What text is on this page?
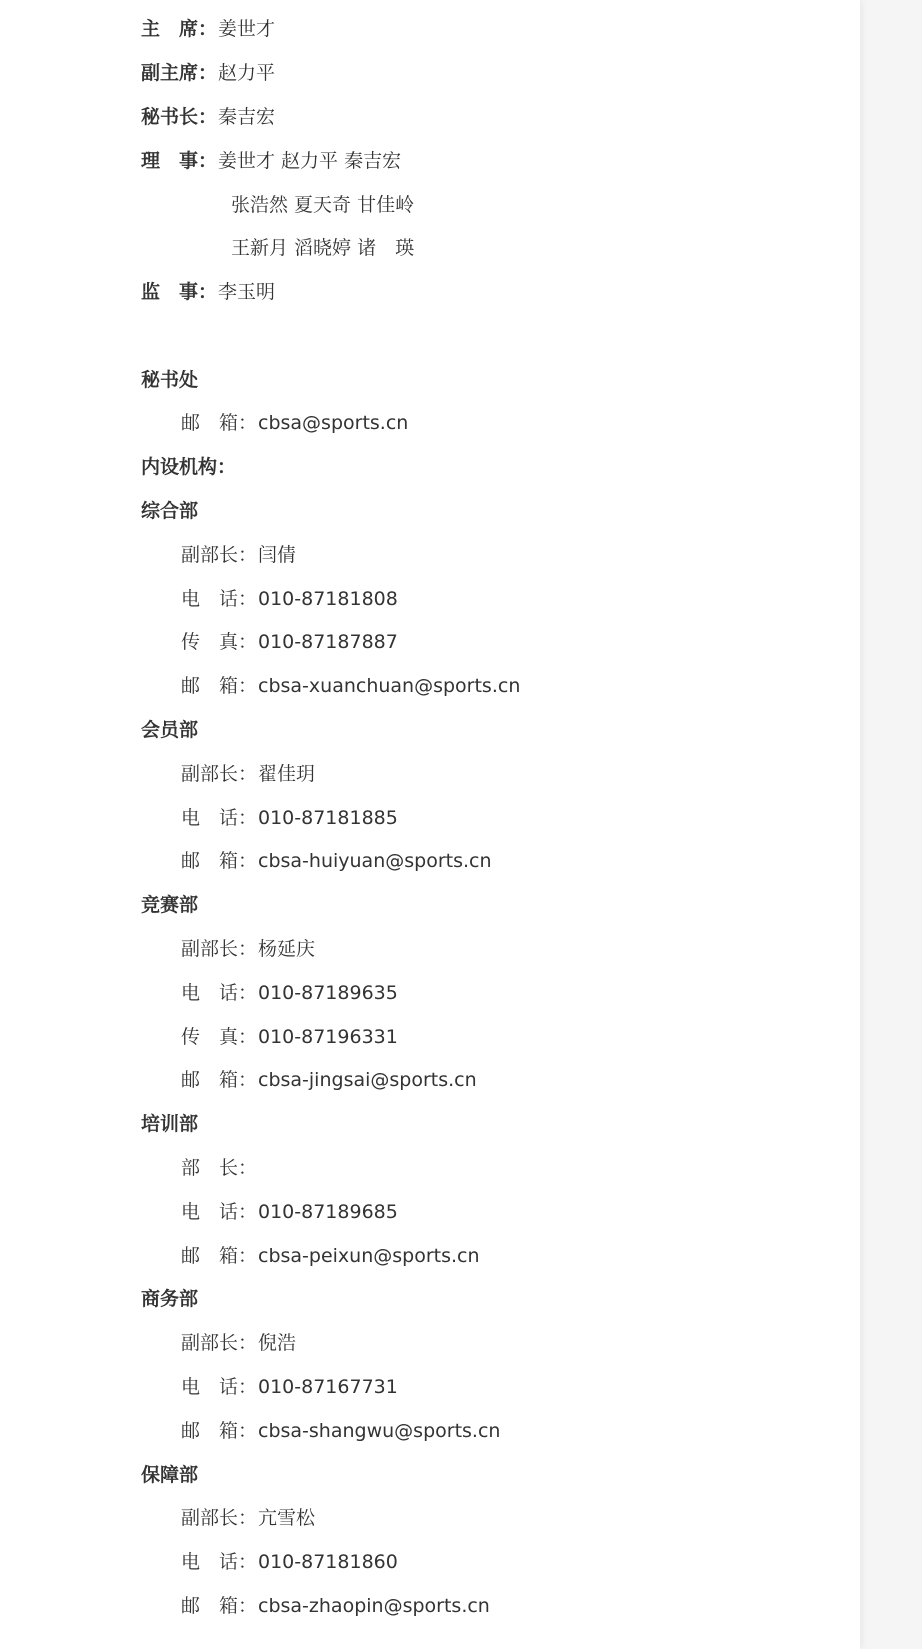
主　席：姜世才
副主席：赵力平
秘书长：秦吉宏
理　事：姜世才 赵力平 秦吉宏
张浩然 夏天奇 甘佳岭
王新月 滔晓婷 诸　瑛
监　事：李玉明
秘书处
邮　箱：cbsa@sports.cn
内设机构：
综合部
副部长：闫倩
电　话：010-87181808
传　真：010-87187887
邮　箱：cbsa-xuanchuan@sports.cn
会员部
副部长：翟佳玥
电　话：010-87181885
邮　箱：cbsa-huiyuan@sports.cn
竞赛部
副部长：杨延庆
电　话：010-87189635
传　真：010-87196331
邮　箱：cbsa-jingsai@sports.cn
培训部
部　长：
电　话：010-87189685
邮　箱：cbsa-peixun@sports.cn
商务部
副部长：倪浩
电　话：010-87167731
邮　箱：cbsa-shangwu@sports.cn
保障部
副部长：亢雪松
电　话：010-87181860
邮　箱：cbsa-zhaopin@sports.cn
